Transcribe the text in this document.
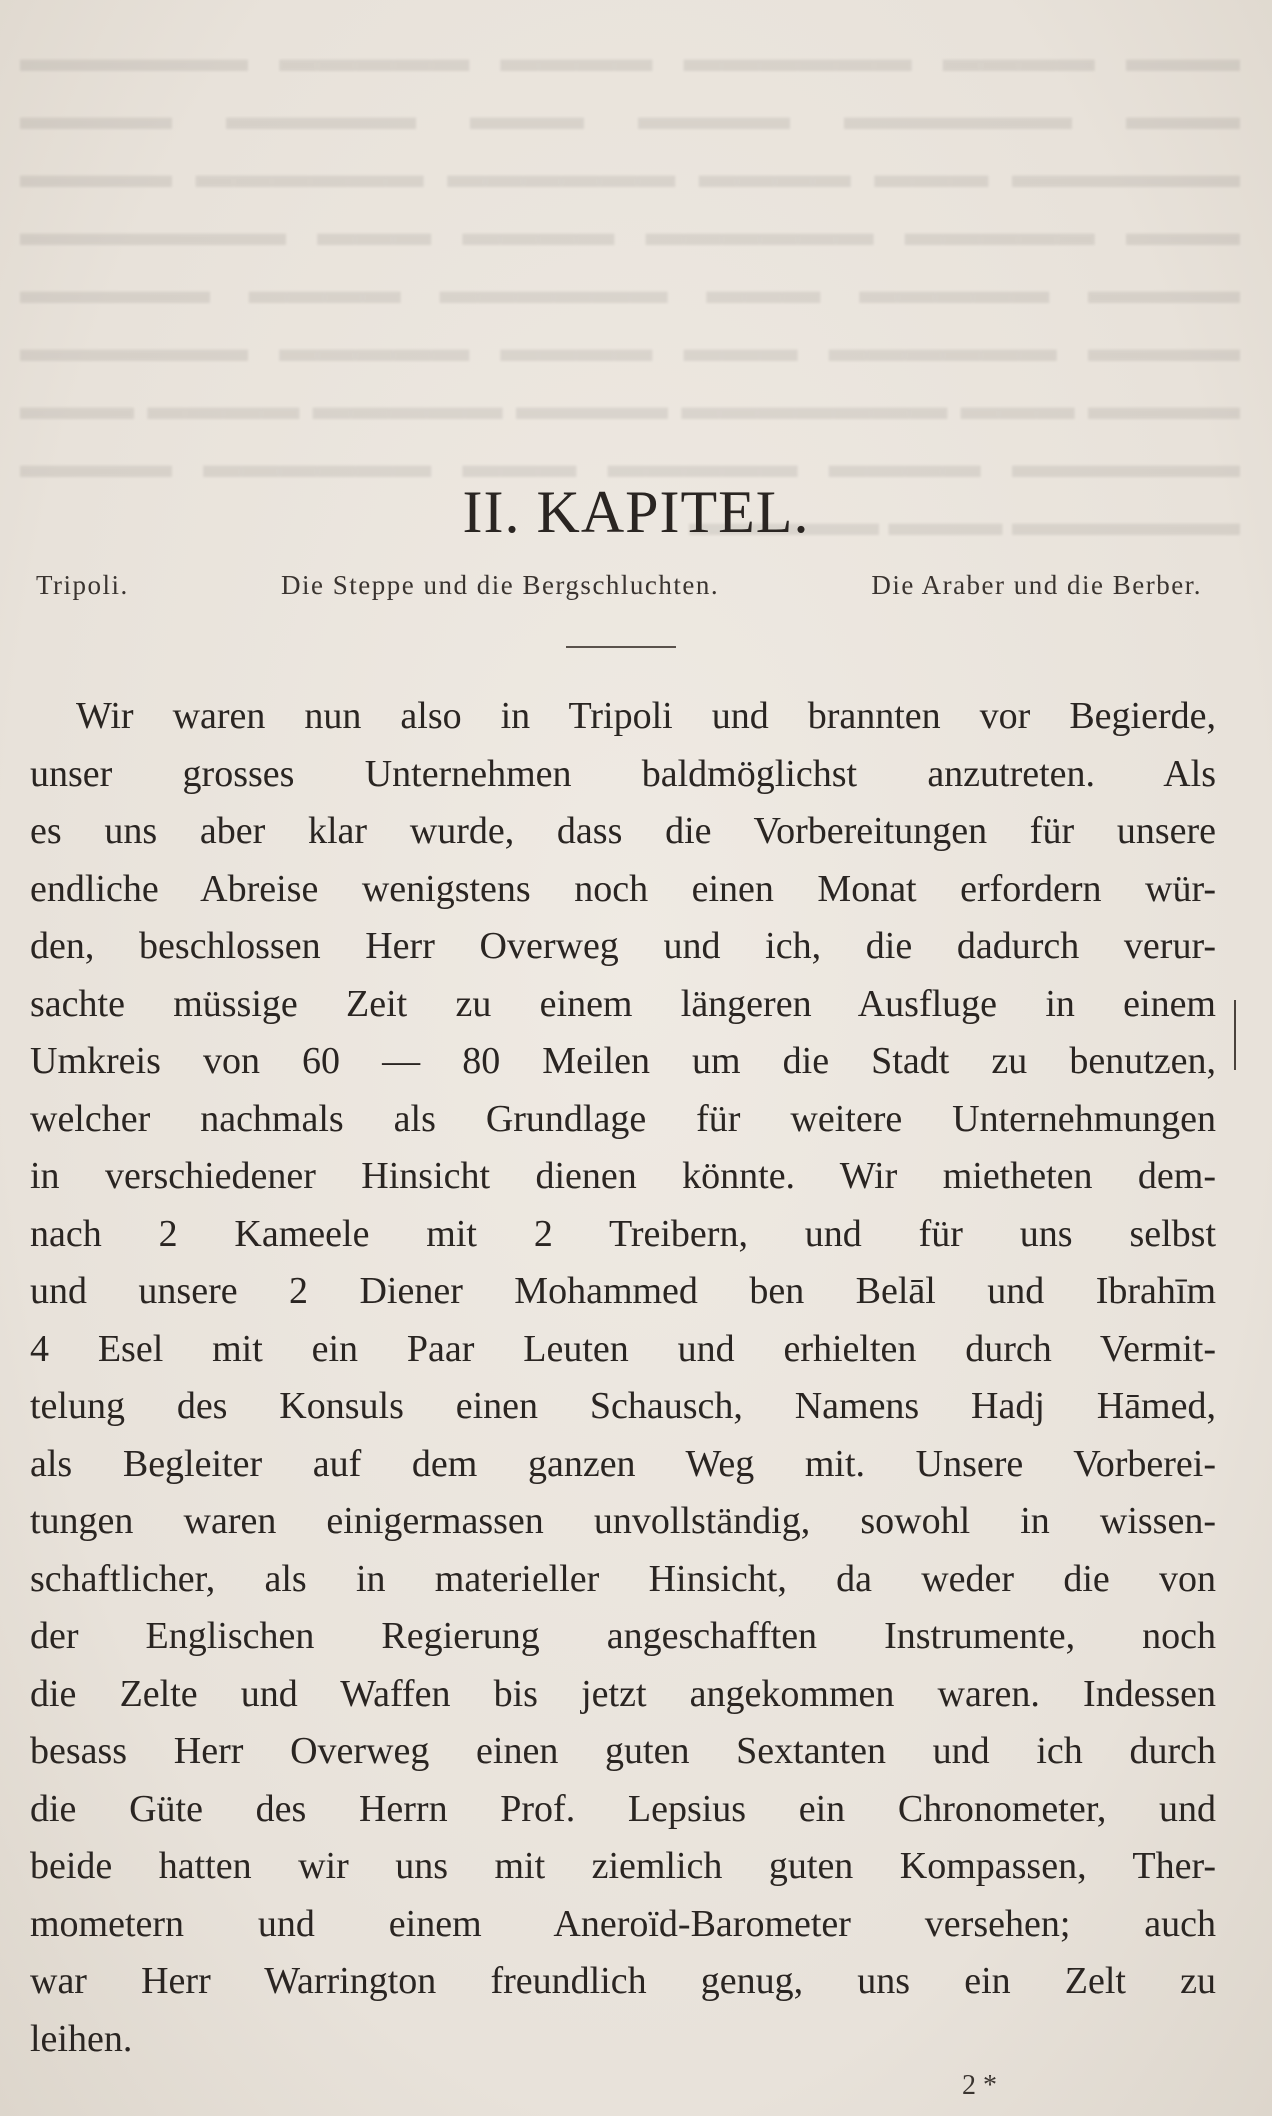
▬▬▬ ▬▬▬▬ ▬▬▬▬▬▬ ▬▬▬▬ ▬▬▬▬▬ ▬▬▬▬▬▬ ▬▬▬ ▬▬▬▬▬▬ ▬▬▬▬ ▬▬▬ ▬▬▬▬▬ ▬▬▬▬ ▬▬▬▬▬▬ ▬▬▬ ▬▬▬▬ ▬▬▬▬▬▬ ▬▬▬▬▬▬ ▬▬▬▬ ▬▬▬ ▬▬▬▬▬ ▬▬▬▬▬▬ ▬▬▬▬ ▬▬▬ ▬▬▬▬▬▬▬ ▬▬▬▬ ▬▬▬▬▬ ▬▬▬ ▬▬▬▬▬▬ ▬▬▬▬ ▬▬▬▬▬ ▬▬▬▬ ▬▬▬▬▬▬ ▬▬▬ ▬▬▬▬ ▬▬▬▬▬ ▬▬▬▬▬▬ ▬▬▬▬ ▬▬▬ ▬▬▬▬▬▬▬ ▬▬▬▬ ▬▬▬▬▬ ▬▬▬▬ ▬▬▬ ▬▬▬▬▬▬ ▬▬▬▬ ▬▬▬▬▬ ▬▬▬ ▬▬▬▬▬▬ ▬▬▬▬ ▬▬▬▬▬▬ ▬▬▬ ▬▬▬▬▬
II. KAPITEL.
Tripoli.	Die Steppe und die Bergschluchten.	Die Araber und die Berber.
Wir waren nun also in Tripoli und brannten vor Begierde,
unser grosses Unternehmen baldmöglichst anzutreten. Als
es uns aber klar wurde, dass die Vorbereitungen für unsere
endliche Abreise wenigstens noch einen Monat erfordern wür-
den, beschlossen Herr Overweg und ich, die dadurch verur-
sachte müssige Zeit zu einem längeren Ausfluge in einem
Umkreis von 60 — 80 Meilen um die Stadt zu benutzen,
welcher nachmals als Grundlage für weitere Unternehmungen
in verschiedener Hinsicht dienen könnte. Wir mietheten dem-
nach 2 Kameele mit 2 Treibern, und für uns selbst
und unsere 2 Diener Mohammed ben Belāl und Ibrahīm
4 Esel mit ein Paar Leuten und erhielten durch Vermit-
telung des Konsuls einen Schausch, Namens Hadj Hāmed,
als Begleiter auf dem ganzen Weg mit. Unsere Vorberei-
tungen waren einigermassen unvollständig, sowohl in wissen-
schaftlicher, als in materieller Hinsicht, da weder die von
der Englischen Regierung angeschafften Instrumente, noch
die Zelte und Waffen bis jetzt angekommen waren. Indessen
besass Herr Overweg einen guten Sextanten und ich durch
die Güte des Herrn Prof. Lepsius ein Chronometer, und
beide hatten wir uns mit ziemlich guten Kompassen, Ther-
mometern und einem Aneroïd-Barometer versehen; auch
war Herr Warrington freundlich genug, uns ein Zelt zu
leihen.
2 *
